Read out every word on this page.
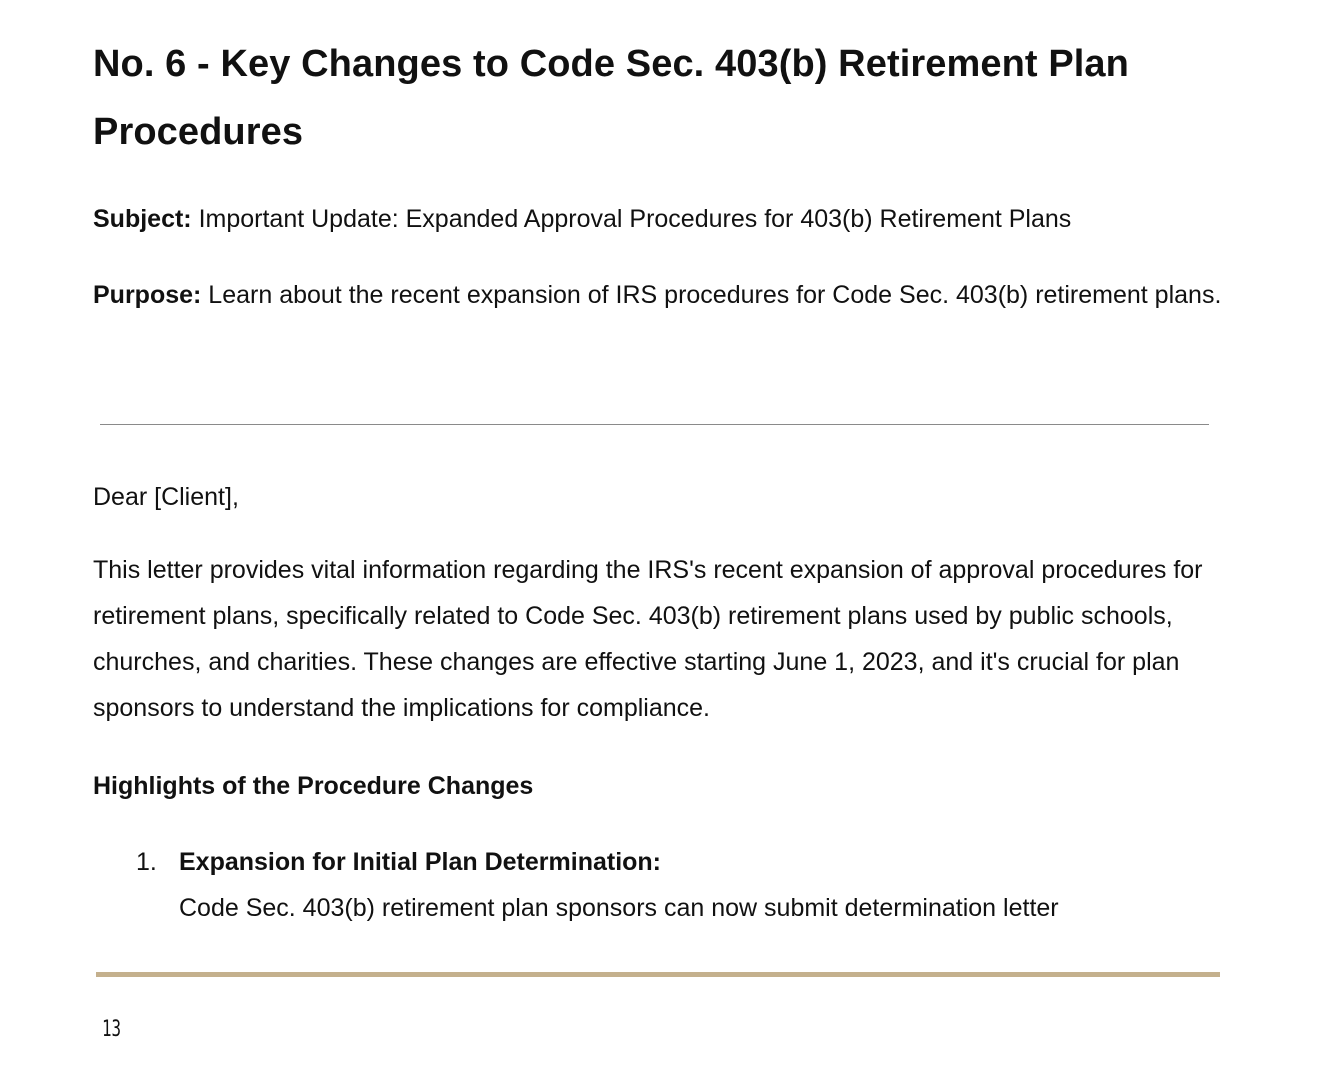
No. 6 - Key Changes to Code Sec. 403(b) Retirement Plan Procedures

Subject: Important Update: Expanded Approval Procedures for 403(b) Retirement Plans

Purpose: Learn about the recent expansion of IRS procedures for Code Sec. 403(b) retirement plans.

Dear [Client],

This letter provides vital information regarding the IRS's recent expansion of approval procedures for retirement plans, specifically related to Code Sec. 403(b) retirement plans used by public schools, churches, and charities. These changes are effective starting June 1, 2023, and it's crucial for plan sponsors to understand the implications for compliance.

Highlights of the Procedure Changes

1. Expansion for Initial Plan Determination:

Code Sec. 403(b) retirement plan sponsors can now submit determination letter

13
